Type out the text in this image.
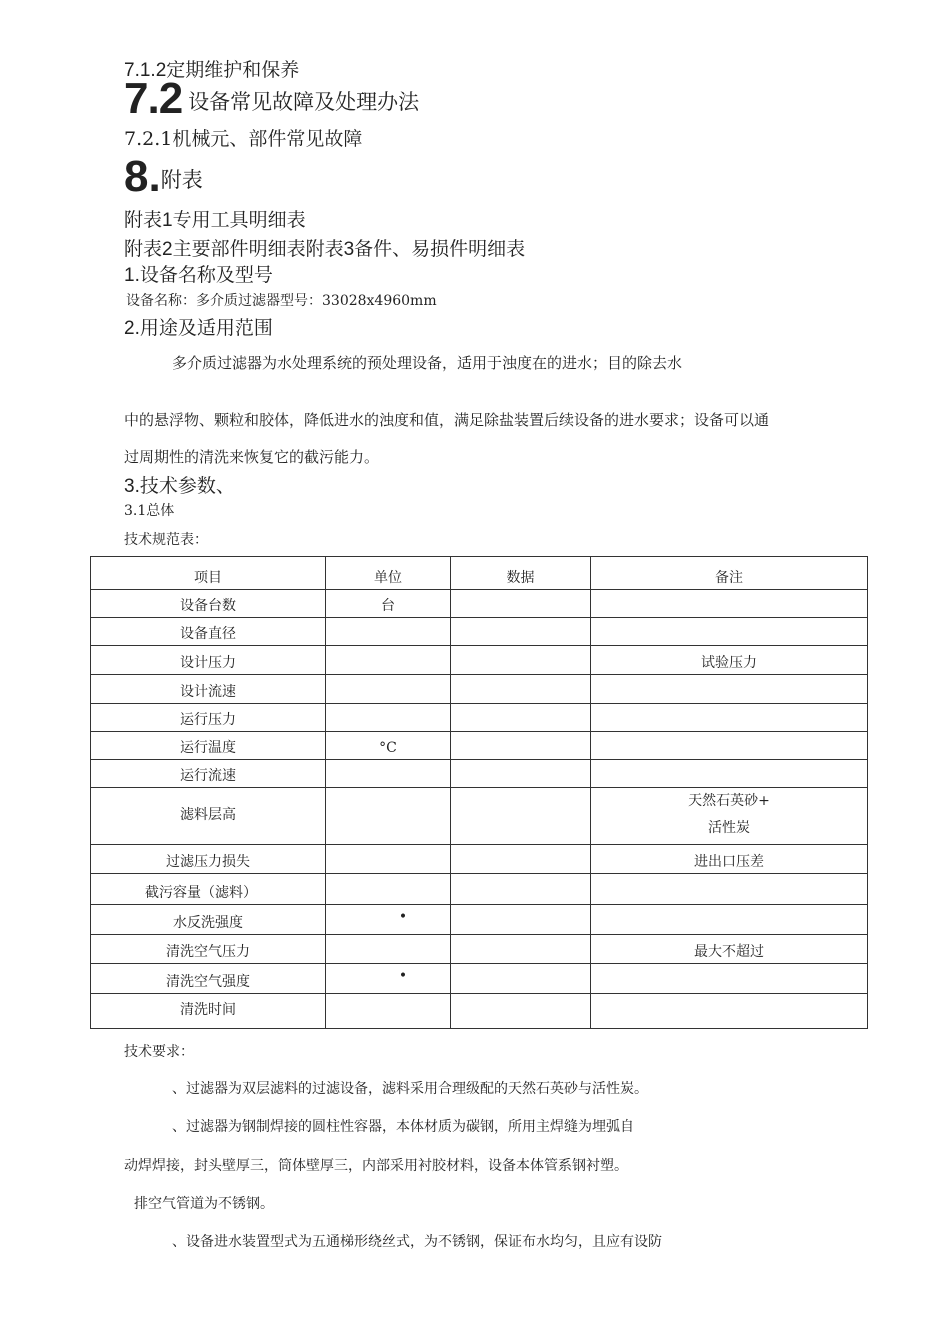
7.1.2定期维护和保养
7.2 设备常见故障及处理办法
7.2.1机械元、部件常见故障
8.附表
附表1专用工具明细表
附表2主要部件明细表附表3备件、易损件明细表
1.设备名称及型号
设备名称：多介质过滤器型号：33028x4960mm
2.用途及适用范围
多介质过滤器为水处理系统的预处理设备，适用于浊度在的进水；目的除去水
中的悬浮物、颗粒和胶体，降低进水的浊度和值，满足除盐装置后续设备的进水要求；设备可以通
过周期性的清洗来恢复它的截污能力。
3.技术参数、
3.1总体
技术规范表：
项目	单位	数据	备注
设备台数	台		
设备直径			
设计压力			试验压力
设计流速			
运行压力			
运行温度	°C		
运行流速			
滤料层高			天然石英砂+
活性炭
过滤压力损失			进出口压差
截污容量（滤料）			
水反洗强度	•		
清洗空气压力			最大不超过
清洗空气强度	•		
清洗时间			
技术要求：
、过滤器为双层滤料的过滤设备，滤料采用合理级配的天然石英砂与活性炭。
、过滤器为钢制焊接的圆柱性容器，本体材质为碳钢，所用主焊缝为埋弧自
动焊焊接，封头壁厚三，筒体壁厚三，内部采用衬胶材料，设备本体管系钢衬塑。
排空气管道为不锈钢。
、设备进水装置型式为五通梯形绕丝式，为不锈钢，保证布水均匀，且应有设防
